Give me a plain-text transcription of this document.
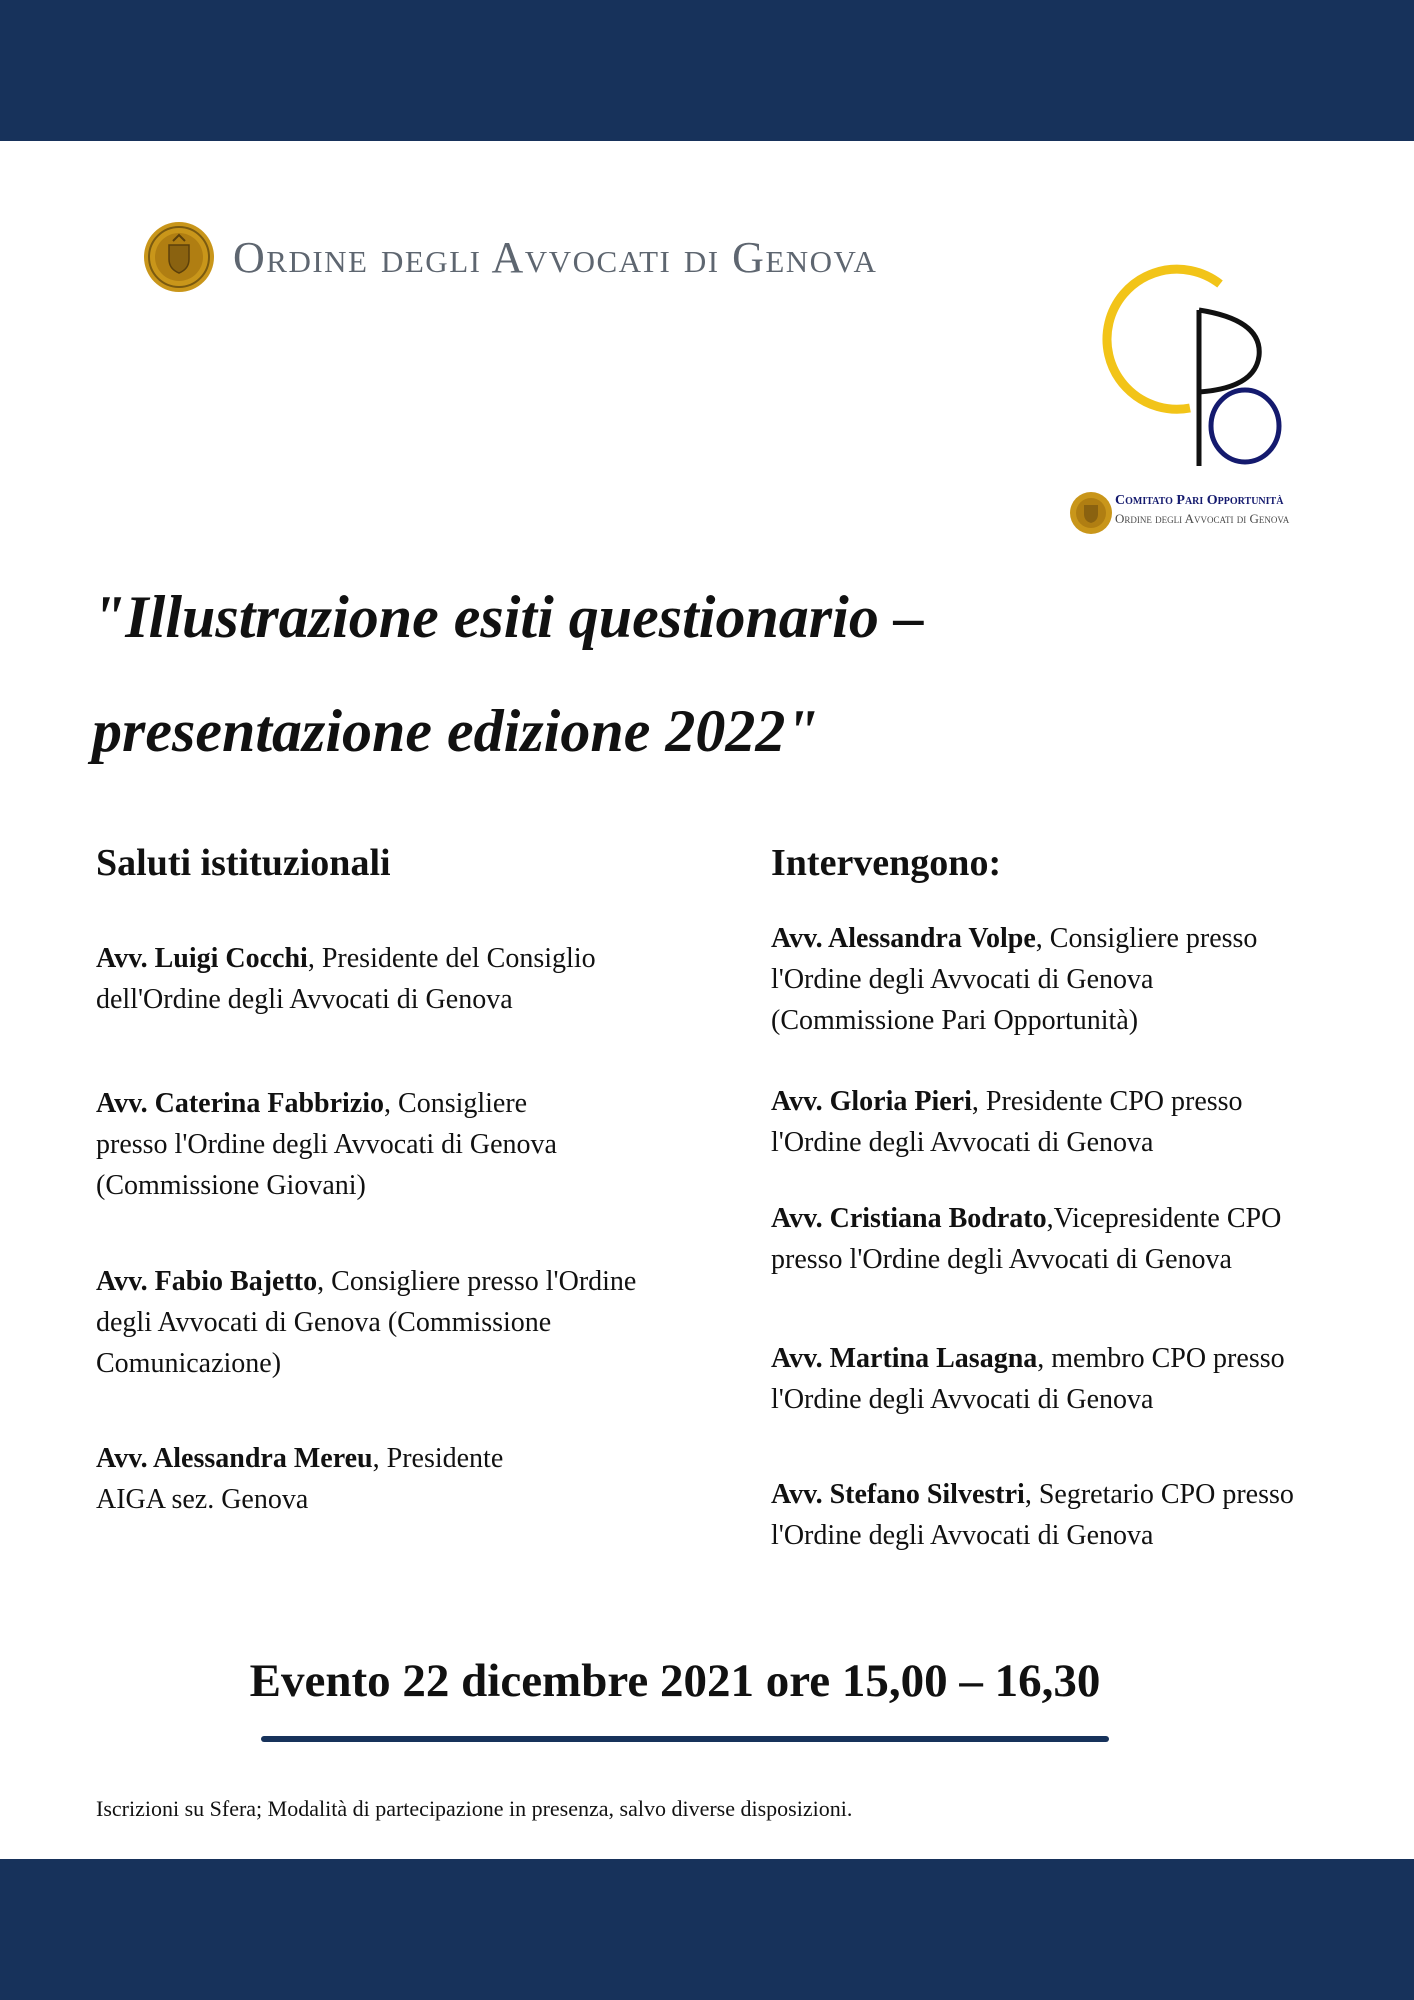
Ordine degli Avvocati di Genova
Comitato Pari Opportunità
Ordine degli Avvocati di Genova
"Illustrazione esiti questionario –
presentazione edizione 2022"
Saluti istituzionali
Avv. Luigi Cocchi, Presidente del Consiglio
dell'Ordine degli Avvocati di Genova
Avv. Caterina Fabbrizio, Consigliere
presso l'Ordine degli Avvocati di Genova
(Commissione Giovani)
Avv. Fabio Bajetto, Consigliere presso l'Ordine
degli Avvocati di Genova (Commissione
Comunicazione)
Avv. Alessandra Mereu, Presidente
AIGA sez. Genova
Intervengono:
Avv. Alessandra Volpe, Consigliere presso
l'Ordine degli Avvocati di Genova
(Commissione Pari Opportunità)
Avv. Gloria Pieri, Presidente CPO presso
l'Ordine degli Avvocati di Genova
Avv. Cristiana Bodrato,Vicepresidente CPO
presso l'Ordine degli Avvocati di Genova
Avv. Martina Lasagna, membro CPO presso
l'Ordine degli Avvocati di Genova
Avv. Stefano Silvestri, Segretario CPO presso
l'Ordine degli Avvocati di Genova
Evento 22 dicembre 2021 ore 15,00 – 16,30
Iscrizioni su Sfera; Modalità di partecipazione in presenza, salvo diverse disposizioni.
